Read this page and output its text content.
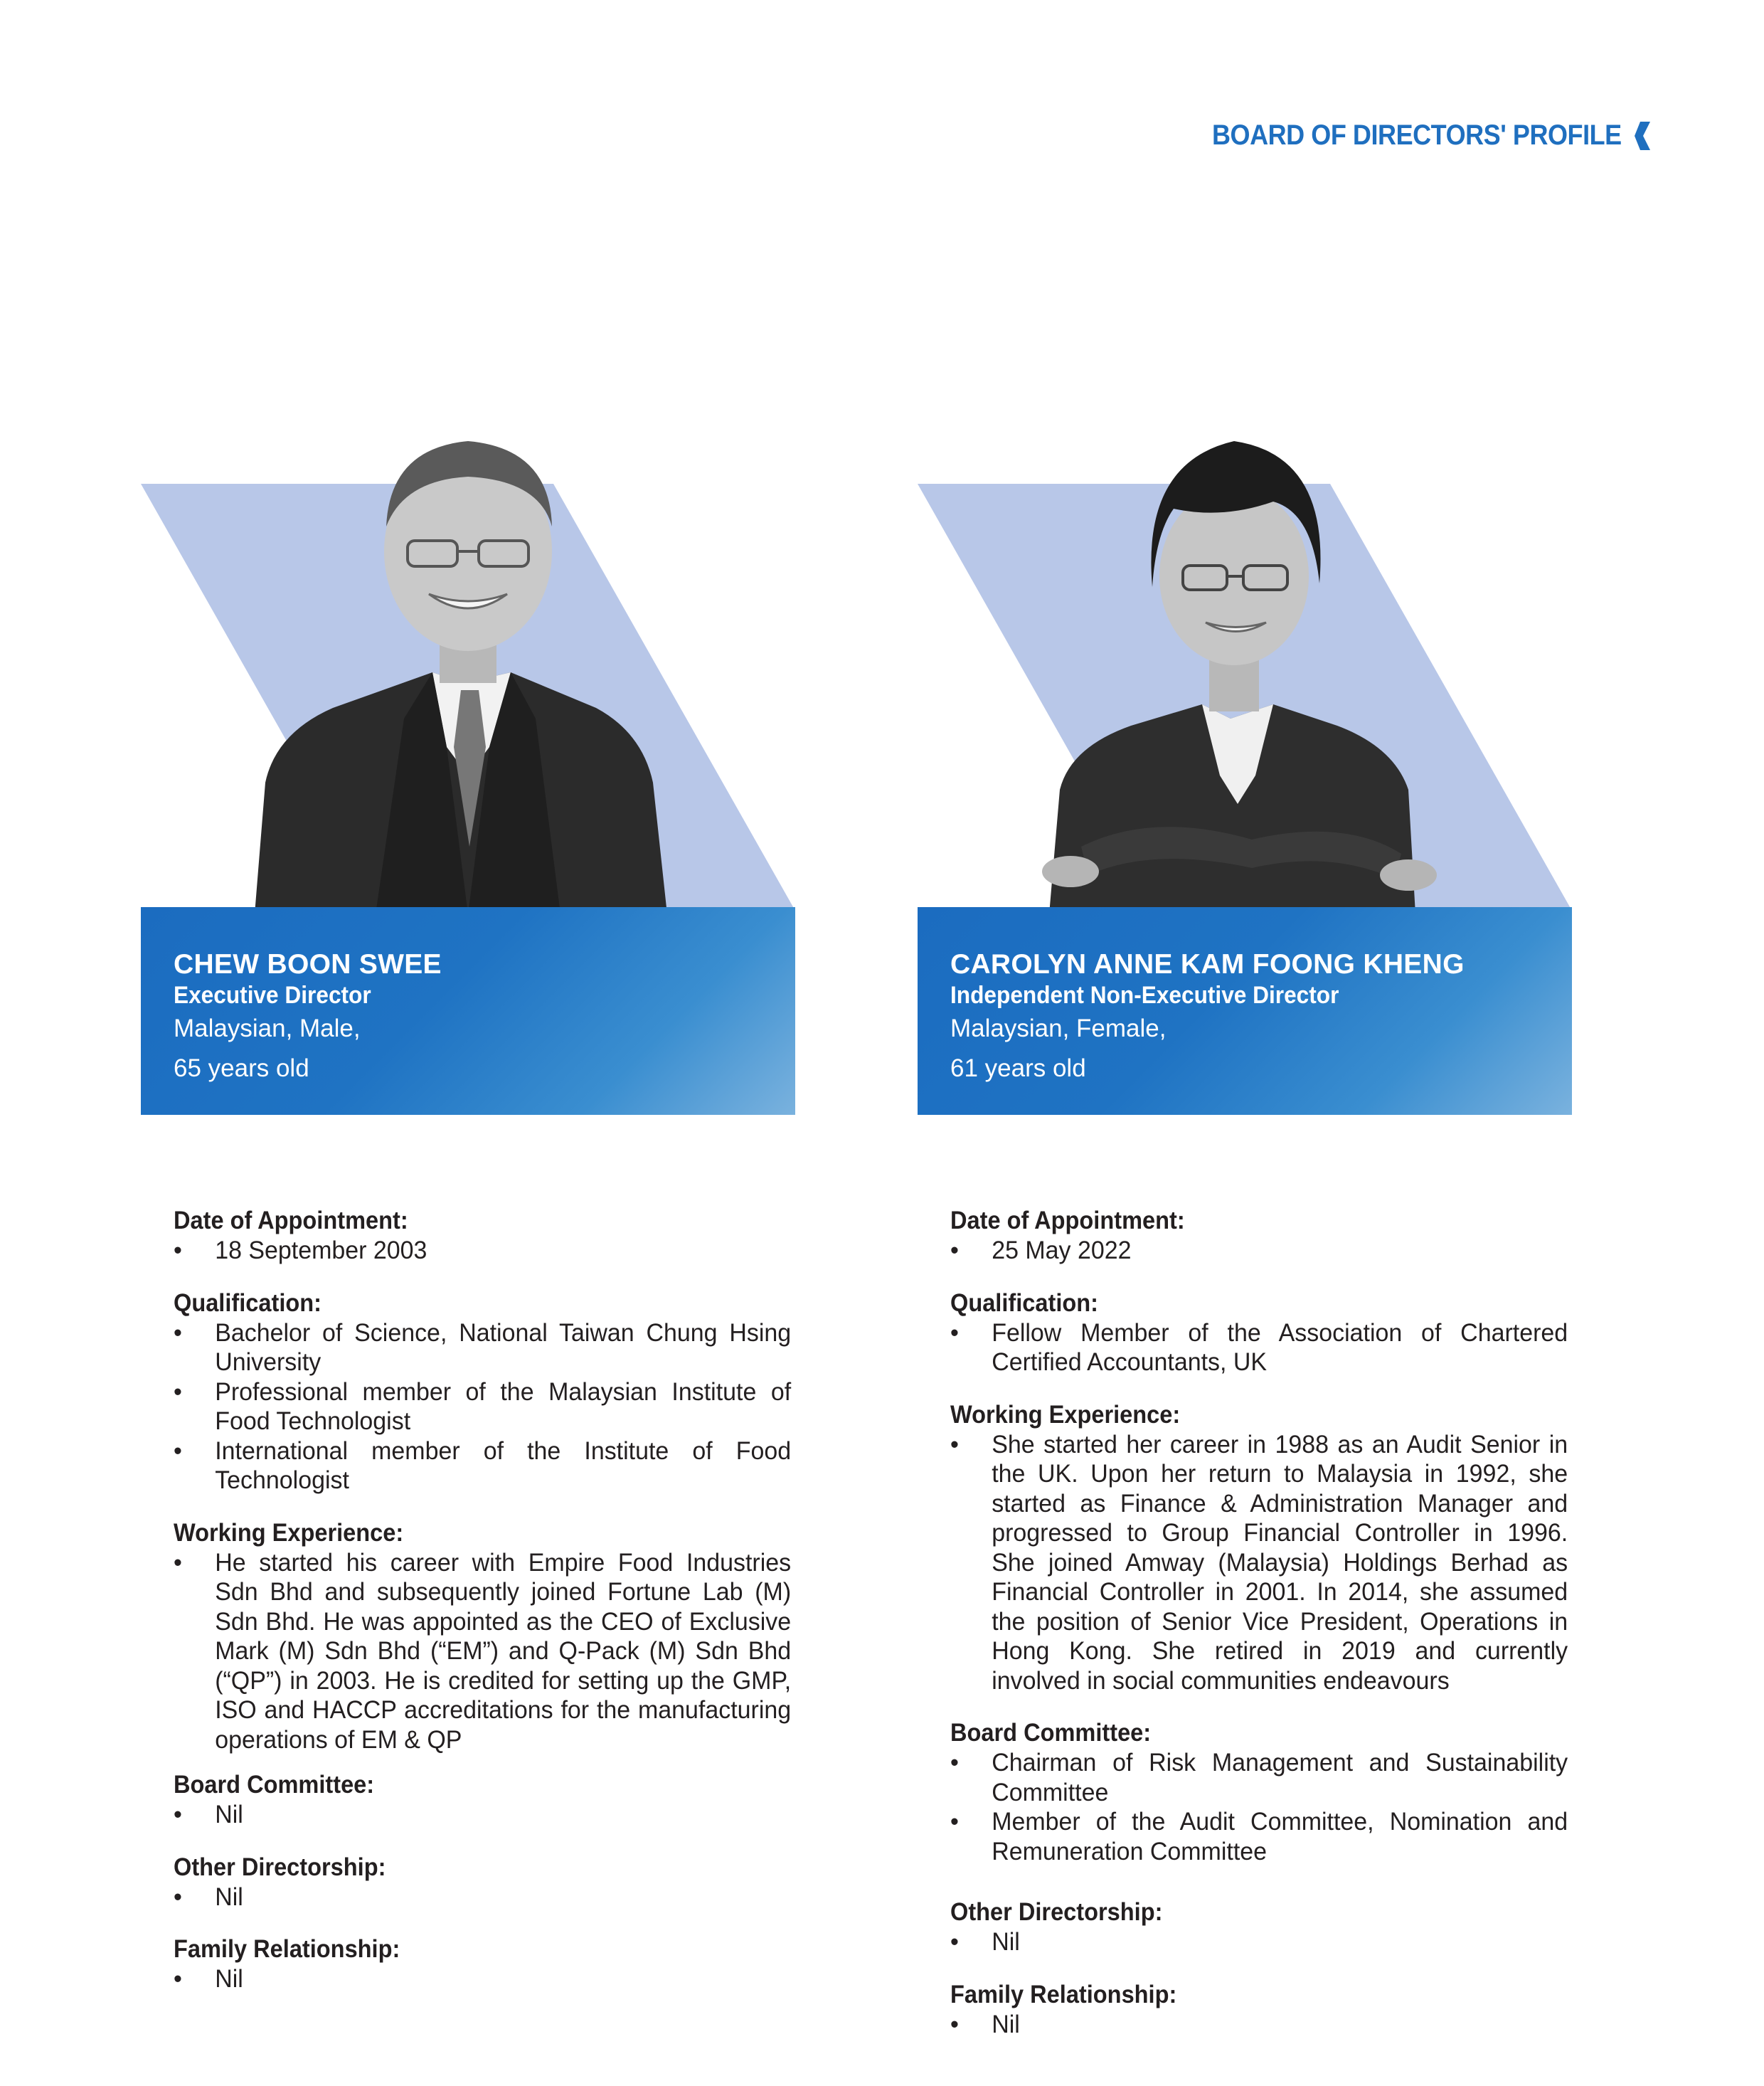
BOARD OF DIRECTORS' PROFILE
CHEW BOON SWEE
Executive Director
Malaysian, Male,
65 years old
Date of Appointment:
• 18 September 2003
Qualification:
• Bachelor of Science, National Taiwan Chung Hsing University
• Professional member of the Malaysian Institute of Food Technologist
• International member of the Institute of Food Technologist
Working Experience:
• He started his career with Empire Food Industries Sdn Bhd and subsequently joined Fortune Lab (M) Sdn Bhd. He was appointed as the CEO of Exclusive Mark (M) Sdn Bhd (“EM”) and Q-Pack (M) Sdn Bhd (“QP”) in 2003. He is credited for setting up the GMP, ISO and HACCP accreditations for the manufacturing operations of EM & QP
Board Committee:
• Nil
Other Directorship:
• Nil
Family Relationship:
• Nil
CAROLYN ANNE KAM FOONG KHENG
Independent Non-Executive Director
Malaysian, Female,
61 years old
Date of Appointment:
• 25 May 2022
Qualification:
• Fellow Member of the Association of Chartered Certified Accountants, UK
Working Experience:
• She started her career in 1988 as an Audit Senior in the UK. Upon her return to Malaysia in 1992, she started as Finance & Administration Manager and progressed to Group Financial Controller in 1996. She joined Amway (Malaysia) Holdings Berhad as Financial Controller in 2001. In 2014, she assumed the position of Senior Vice President, Operations in Hong Kong. She retired in 2019 and currently involved in social communities endeavours
Board Committee:
• Chairman of Risk Management and Sustainability Committee
• Member of the Audit Committee, Nomination and Remuneration Committee
Other Directorship:
• Nil
Family Relationship:
• Nil
